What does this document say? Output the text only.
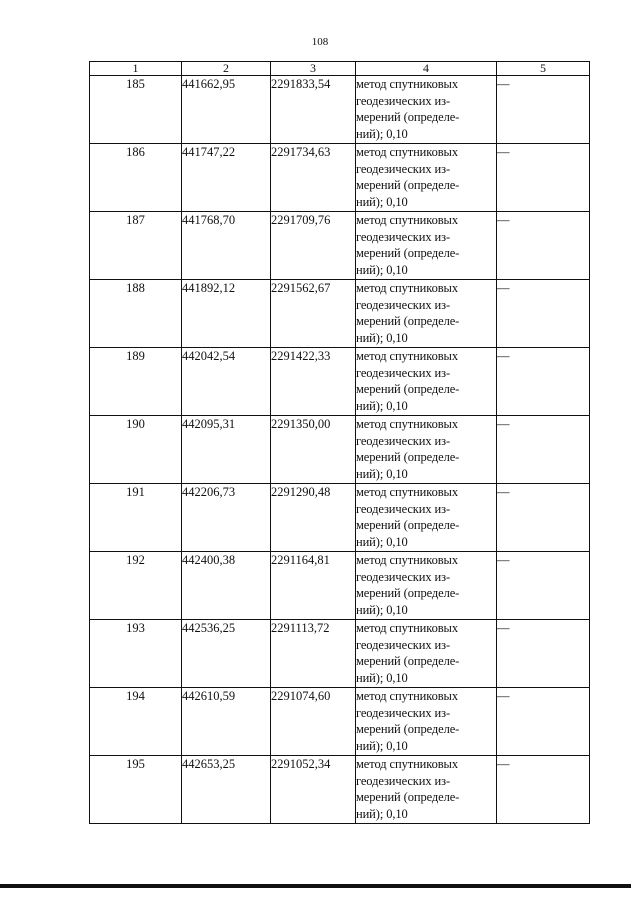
108
1	2	3	4	5
185	441662,95	2291833,54	метод спутниковых
геодезических из-
мерений (определе-
ний); 0,10	—
186	441747,22	2291734,63	метод спутниковых
геодезических из-
мерений (определе-
ний); 0,10	—
187	441768,70	2291709,76	метод спутниковых
геодезических из-
мерений (определе-
ний); 0,10	—
188	441892,12	2291562,67	метод спутниковых
геодезических из-
мерений (определе-
ний); 0,10	—
189	442042,54	2291422,33	метод спутниковых
геодезических из-
мерений (определе-
ний); 0,10	—
190	442095,31	2291350,00	метод спутниковых
геодезических из-
мерений (определе-
ний); 0,10	—
191	442206,73	2291290,48	метод спутниковых
геодезических из-
мерений (определе-
ний); 0,10	—
192	442400,38	2291164,81	метод спутниковых
геодезических из-
мерений (определе-
ний); 0,10	—
193	442536,25	2291113,72	метод спутниковых
геодезических из-
мерений (определе-
ний); 0,10	—
194	442610,59	2291074,60	метод спутниковых
геодезических из-
мерений (определе-
ний); 0,10	—
195	442653,25	2291052,34	метод спутниковых
геодезических из-
мерений (определе-
ний); 0,10	—
